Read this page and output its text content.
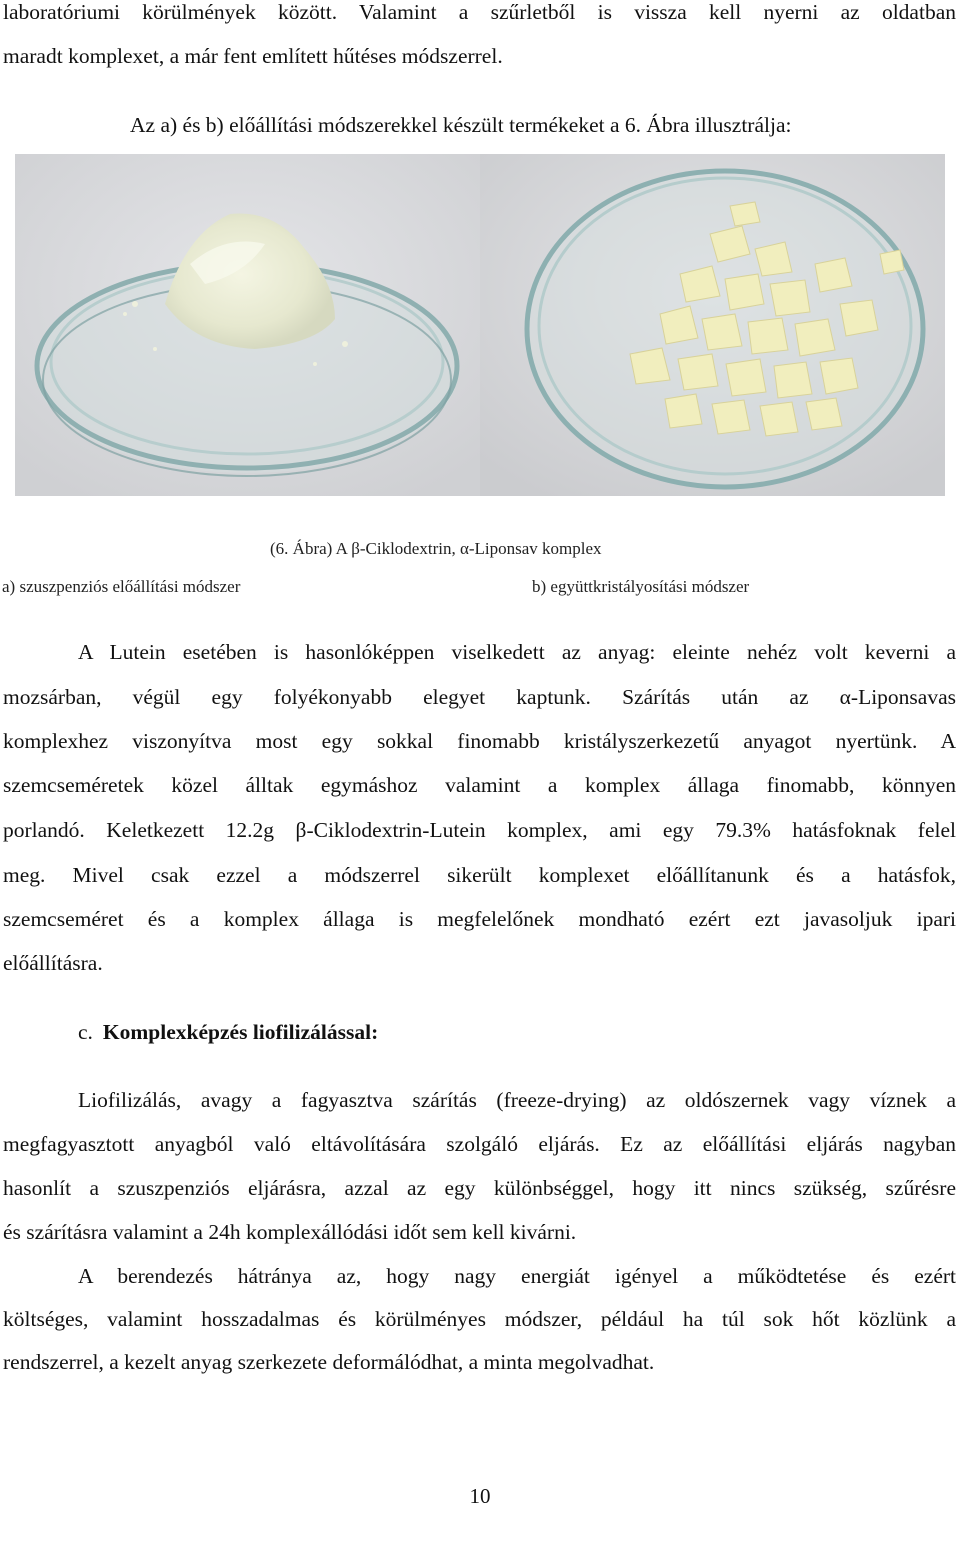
laboratóriumi körülmények között. Valamint a szűrletből is vissza kell nyerni az oldatban
maradt komplexet, a már fent említett hűtéses módszerrel.
Az a) és b) előállítási módszerekkel készült termékeket a 6. Ábra illusztrálja:
(6. Ábra) A β-Ciklodextrin, α-Liponsav komplex
a) szuszpenziós előállítási módszer	b) együttkristályosítási módszer
A Lutein esetében is hasonlóképpen viselkedett az anyag: eleinte nehéz volt keverni a
mozsárban, végül egy folyékonyabb elegyet kaptunk. Szárítás után az α-Liponsavas
komplexhez viszonyítva most egy sokkal finomabb kristályszerkezetű anyagot nyertünk. A
szemcseméretek közel álltak egymáshoz valamint a komplex állaga finomabb, könnyen
porlandó. Keletkezett 12.2g β-Ciklodextrin-Lutein komplex, ami egy 79.3% hatásfoknak felel
meg. Mivel csak ezzel a módszerrel sikerült komplexet előállítanunk és a hatásfok,
szemcseméret és a komplex állaga is megfelelőnek mondható ezért ezt javasoljuk ipari
előállításra.
c. Komplexképzés liofilizálással:
Liofilizálás, avagy a fagyasztva szárítás (freeze-drying) az oldószernek vagy víznek a
megfagyasztott anyagból való eltávolítására szolgáló eljárás. Ez az előállítási eljárás nagyban
hasonlít a szuszpenziós eljárásra, azzal az egy különbséggel, hogy itt nincs szükség, szűrésre
és szárításra valamint a 24h komplexállódási időt sem kell kivárni.
A berendezés hátránya az, hogy nagy energiát igényel a működtetése és ezért
költséges, valamint hosszadalmas és körülményes módszer, például ha túl sok hőt közlünk a
rendszerrel, a kezelt anyag szerkezete deformálódhat, a minta megolvadhat.
10
